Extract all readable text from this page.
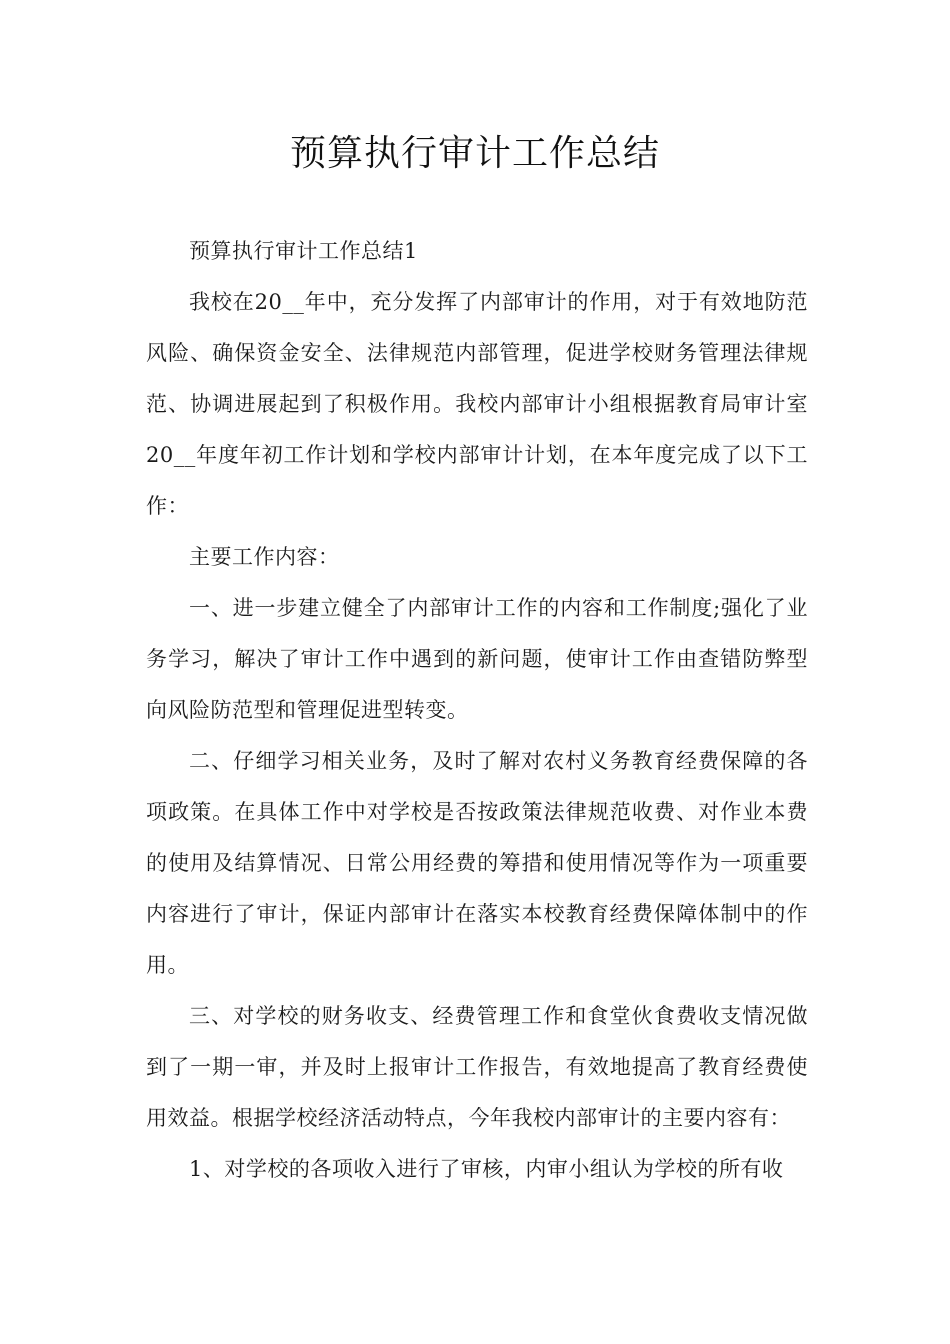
预算执行审计工作总结

预算执行审计工作总结1

我校在20__年中，充分发挥了内部审计的作用，对于有效地防范风险、确保资金安全、法律规范内部管理，促进学校财务管理法律规范、协调进展起到了积极作用。我校内部审计小组根据教育局审计室20__年度年初工作计划和学校内部审计计划，在本年度完成了以下工作：

主要工作内容：

一、进一步建立健全了内部审计工作的内容和工作制度;强化了业务学习，解决了审计工作中遇到的新问题，使审计工作由查错防弊型向风险防范型和管理促进型转变。

二、仔细学习相关业务，及时了解对农村义务教育经费保障的各项政策。在具体工作中对学校是否按政策法律规范收费、对作业本费的使用及结算情况、日常公用经费的筹措和使用情况等作为一项重要内容进行了审计，保证内部审计在落实本校教育经费保障体制中的作用。

三、对学校的财务收支、经费管理工作和食堂伙食费收支情况做到了一期一审，并及时上报审计工作报告，有效地提高了教育经费使用效益。根据学校经济活动特点，今年我校内部审计的主要内容有：

1、对学校的各项收入进行了审核，内审小组认为学校的所有收
